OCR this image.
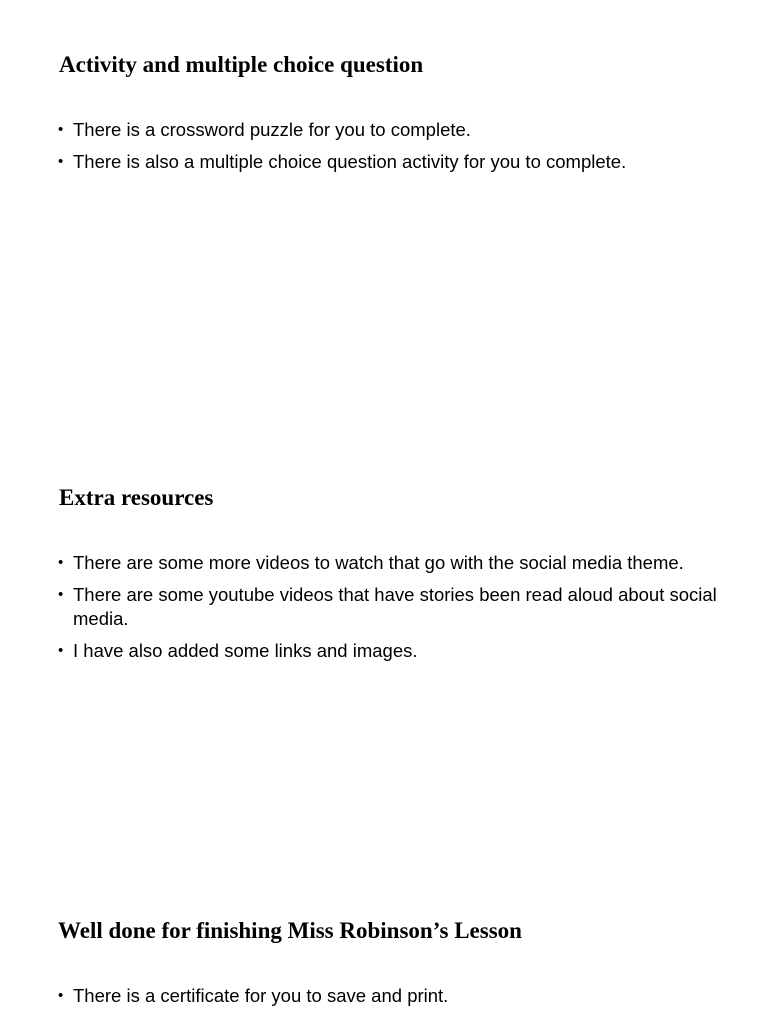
Activity and multiple choice question
• There is a crossword puzzle for you to complete.
• There is also a multiple choice question activity for you to complete.
Extra resources
• There are some more videos to watch that go with the social media theme.
• There are some youtube videos that have stories been read aloud about social media.
• I have also added some links and images.
Well done for finishing Miss Robinson’s Lesson
• There is a certificate for you to save and print.
